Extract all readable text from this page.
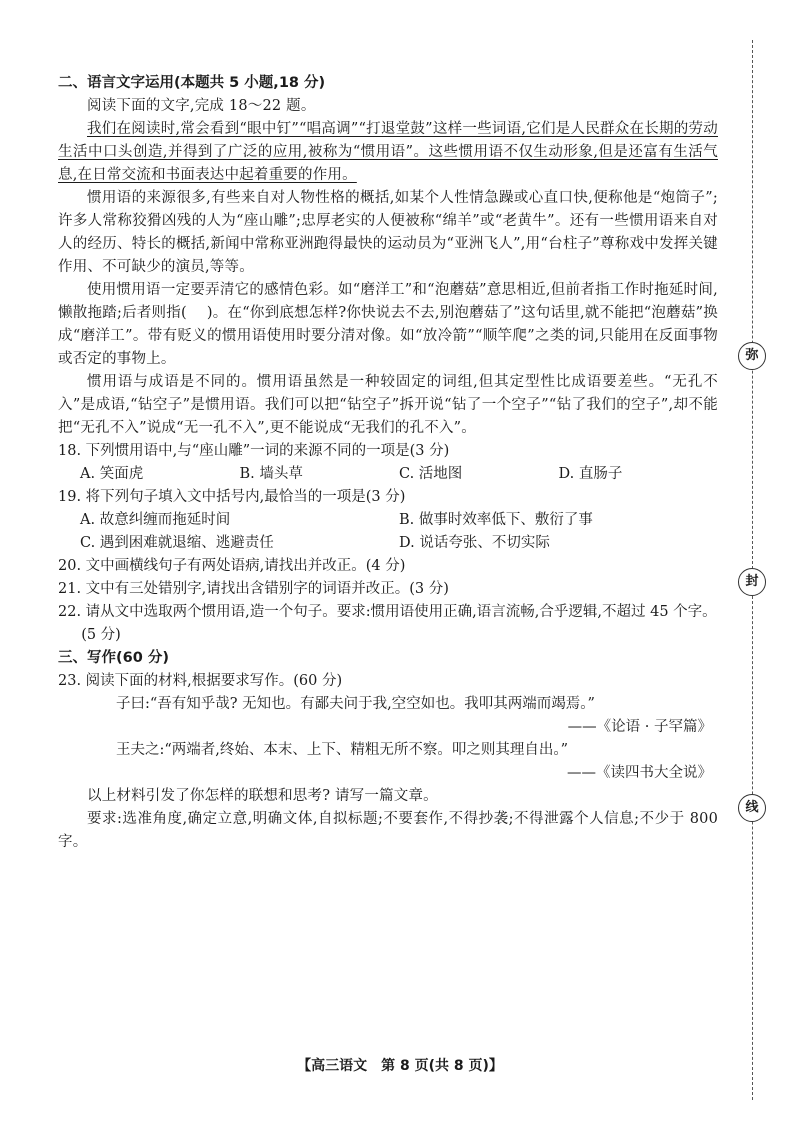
二、语言文字运用(本题共 5 小题,18 分)

阅读下面的文字,完成 18～22 题。

我们在阅读时,常会看到“眼中钉”“唱高调”“打退堂鼓”这样一些词语,它们是人民群众在长期的劳动生活中口头创造,并得到了广泛的应用,被称为“惯用语”。这些惯用语不仅生动形象,但是还富有生活气息,在日常交流和书面表达中起着重要的作用。

惯用语的来源很多,有些来自对人物性格的概括,如某个人性情急躁或心直口快,便称他是“炮筒子”;许多人常称狡猾凶残的人为“座山雕”;忠厚老实的人便被称“绵羊”或“老黄牛”。还有一些惯用语来自对人的经历、特长的概括,新闻中常称亚洲跑得最快的运动员为“亚洲飞人”,用“台柱子”尊称戏中发挥关键作用、不可缺少的演员,等等。

使用惯用语一定要弄清它的感情色彩。如“磨洋工”和“泡蘑菇”意思相近,但前者指工作时拖延时间,懒散拖踏;后者则指( )。在“你到底想怎样?你快说去不去,别泡蘑菇了”这句话里,就不能把“泡蘑菇”换成“磨洋工”。带有贬义的惯用语使用时要分清对像。如“放冷箭”“顺竿爬”之类的词,只能用在反面事物或否定的事物上。

惯用语与成语是不同的。惯用语虽然是一种较固定的词组,但其定型性比成语要差些。“无孔不入”是成语,“钻空子”是惯用语。我们可以把“钻空子”拆开说“钻了一个空子”“钻了我们的空子”,却不能把“无孔不入”说成“无一孔不入”,更不能说成“无我们的孔不入”。

18. 下列惯用语中,与“座山雕”一词的来源不同的一项是(3 分)

A. 笑面虎	B. 墙头草	C. 活地图	D. 直肠子

19. 将下列句子填入文中括号内,最恰当的一项是(3 分)

A. 故意纠缠而拖延时间	B. 做事时效率低下、敷衍了事
C. 遇到困难就退缩、逃避责任	D. 说话夸张、不切实际

20. 文中画横线句子有两处语病,请找出并改正。(4 分)

21. 文中有三处错别字,请找出含错别字的词语并改正。(3 分)

22. 请从文中选取两个惯用语,造一个句子。要求:惯用语使用正确,语言流畅,合乎逻辑,不超过 45 个字。(5 分)

三、写作(60 分)

23. 阅读下面的材料,根据要求写作。(60 分)

子曰:“吾有知乎哉? 无知也。有鄙夫问于我,空空如也。我叩其两端而竭焉。”

——《论语 · 子罕篇》

王夫之:“两端者,终始、本末、上下、精粗无所不察。叩之则其理自出。”

——《读四书大全说》

以上材料引发了你怎样的联想和思考? 请写一篇文章。

要求:选准角度,确定立意,明确文体,自拟标题;不要套作,不得抄袭;不得泄露个人信息;不少于 800 字。

弥
封
线
【高三语文　第 8 页(共 8 页)】
